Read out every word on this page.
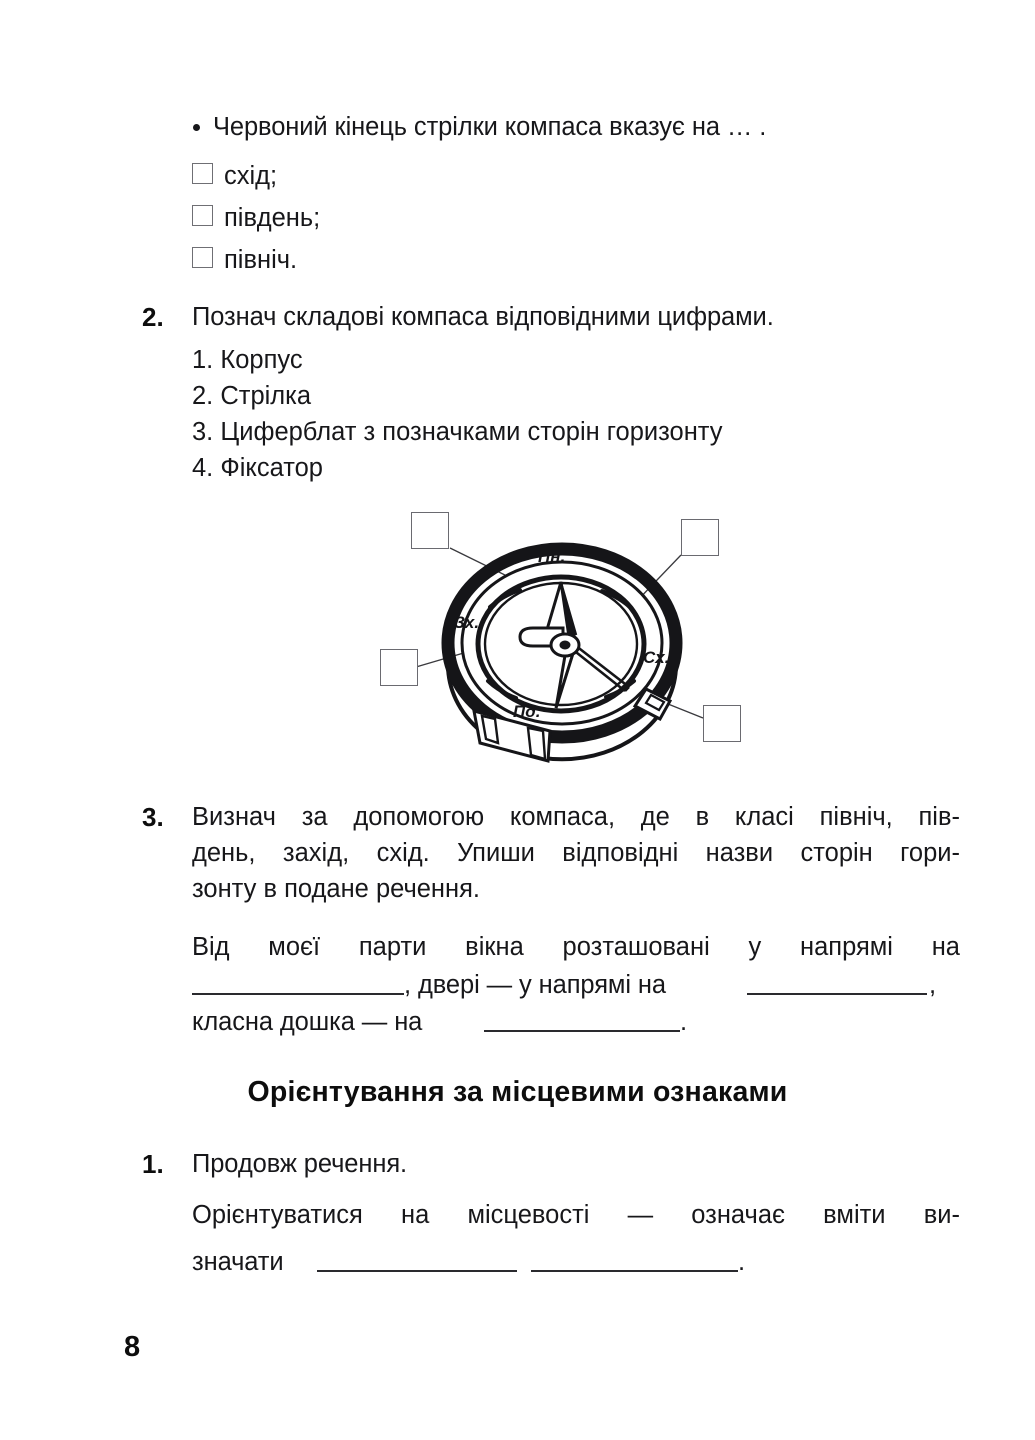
Червоний кінець стрілки компаса вказує на … .
схід;
південь;
північ.
2. Познач складові компаса відповідними цифрами.
1. Корпус
2. Стрілка
3. Циферблат з позначками сторін горизонту
4. Фіксатор
Пн.
Зх.
Сх.
Пд.
3. Визнач за допомогою компаса, де в класі північ, пів-
день, захід, схід. Упиши відповідні назви сторін гори-
зонту в подане речення.
Від моєї парти вікна розташовані у напрямі на
, двері — у напрямі на	,
класна дошка — на	.
Орієнтування за місцевими ознаками
1. Продовж речення.
Орієнтуватися на місцевості — означає вміти ви-
значати	.
8
